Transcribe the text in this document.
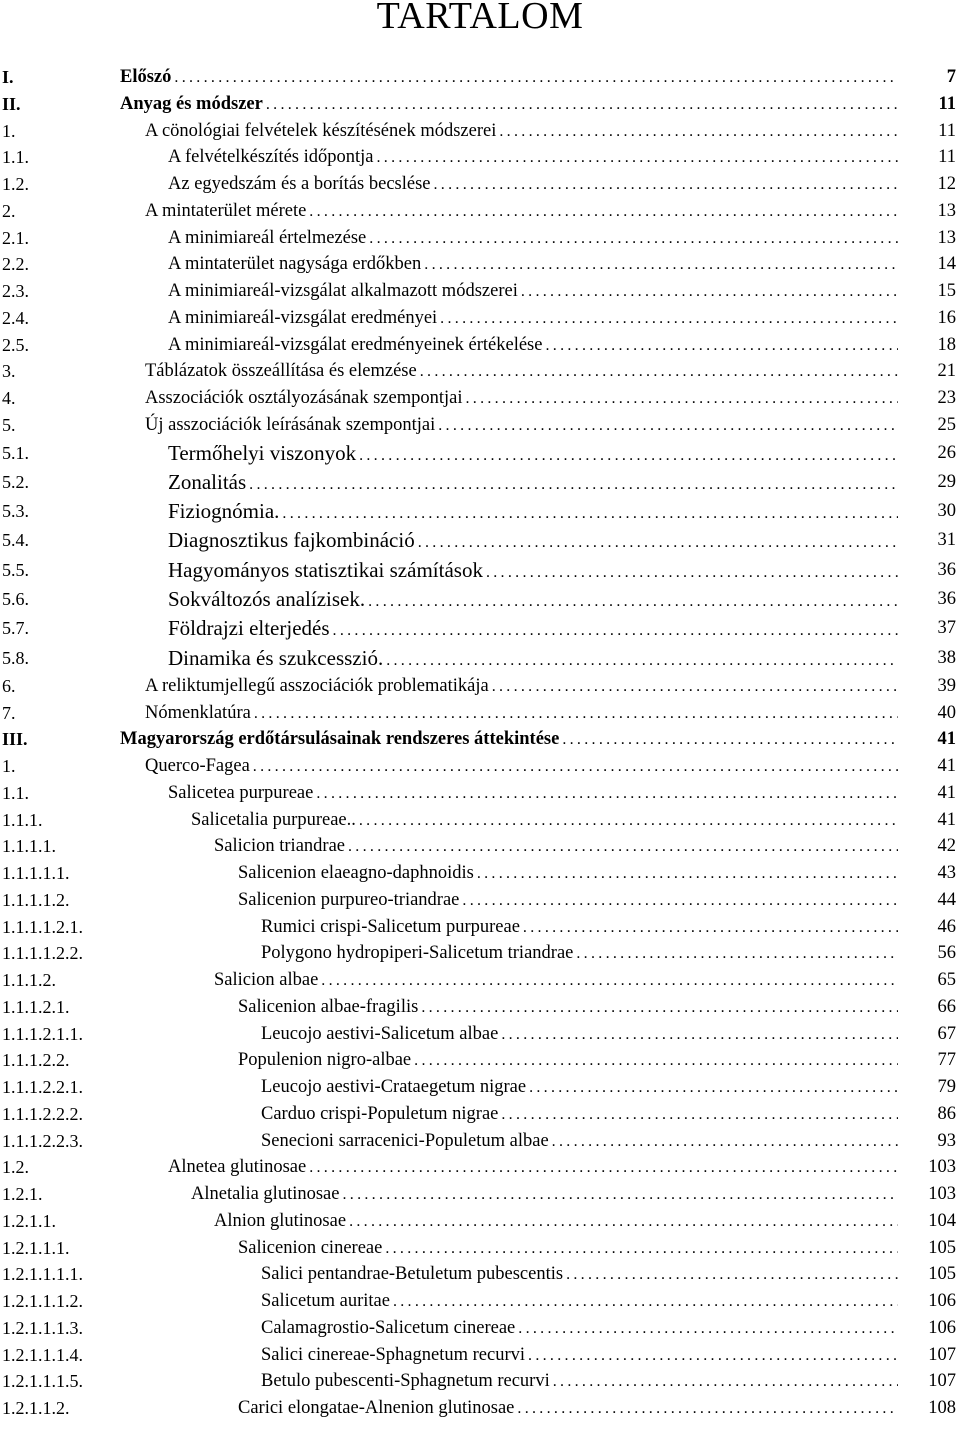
TARTALOM
I.	Előszó .....	7
II.	Anyag és módszer .....	11
1.	A cönológiai felvételek készítésének módszerei .....	11
1.1.	A felvételkészítés időpontja .....	11
1.2.	Az egyedszám és a borítás becslése .....	12
2.	A mintaterület mérete .....	13
2.1.	A minimiareál értelmezése .....	13
2.2.	A mintaterület nagysága erdőkben .....	14
2.3.	A minimiareál-vizsgálat alkalmazott módszerei .....	15
2.4.	A minimiareál-vizsgálat eredményei .....	16
2.5.	A minimiareál-vizsgálat eredményeinek értékelése .....	18
3.	Táblázatok összeállítása és elemzése .....	21
4.	Asszociációk osztályozásának szempontjai .....	23
5.	Új asszociációk leírásának szempontjai .....	25
5.1.	Termőhelyi viszonyok .....	26
5.2.	Zonalitás .....	29
5.3.	Fiziognómia. .....	30
5.4.	Diagnosztikus fajkombináció .....	31
5.5.	Hagyományos statisztikai számítások .....	36
5.6.	Sokváltozós analízisek. .....	36
5.7.	Földrajzi elterjedés .....	37
5.8.	Dinamika és szukcesszió. .....	38
6.	A reliktumjellegű asszociációk problematikája .....	39
7.	Nómenklatúra .....	40
III.	Magyarország erdőtársulásainak rendszeres áttekintése .....	41
1.	Querco-Fagea .....	41
1.1.	Salicetea purpureae .....	41
1.1.1.	Salicetalia purpureae.. .....	41
1.1.1.1.	Salicion triandrae .....	42
1.1.1.1.1.	Salicenion elaeagno-daphnoidis .....	43
1.1.1.1.2.	Salicenion purpureo-triandrae .....	44
1.1.1.1.2.1.	Rumici crispi-Salicetum purpureae .....	46
1.1.1.1.2.2.	Polygono hydropiperi-Salicetum triandrae .....	56
1.1.1.2.	Salicion albae .....	65
1.1.1.2.1.	Salicenion albae-fragilis .....	66
1.1.1.2.1.1.	Leucojo aestivi-Salicetum albae .....	67
1.1.1.2.2.	Populenion nigro-albae .....	77
1.1.1.2.2.1.	Leucojo aestivi-Crataegetum nigrae .....	79
1.1.1.2.2.2.	Carduo crispi-Populetum nigrae .....	86
1.1.1.2.2.3.	Senecioni sarracenici-Populetum albae .....	93
1.2.	Alnetea glutinosae .....	103
1.2.1.	Alnetalia glutinosae .....	103
1.2.1.1.	Alnion glutinosae .....	104
1.2.1.1.1.	Salicenion cinereae .....	105
1.2.1.1.1.1.	Salici pentandrae-Betuletum pubescentis .....	105
1.2.1.1.1.2.	Salicetum auritae .....	106
1.2.1.1.1.3.	Calamagrostio-Salicetum cinereae .....	106
1.2.1.1.1.4.	Salici cinereae-Sphagnetum recurvi .....	107
1.2.1.1.1.5.	Betulo pubescenti-Sphagnetum recurvi .....	107
1.2.1.1.2.	Carici elongatae-Alnenion glutinosae .....	108
